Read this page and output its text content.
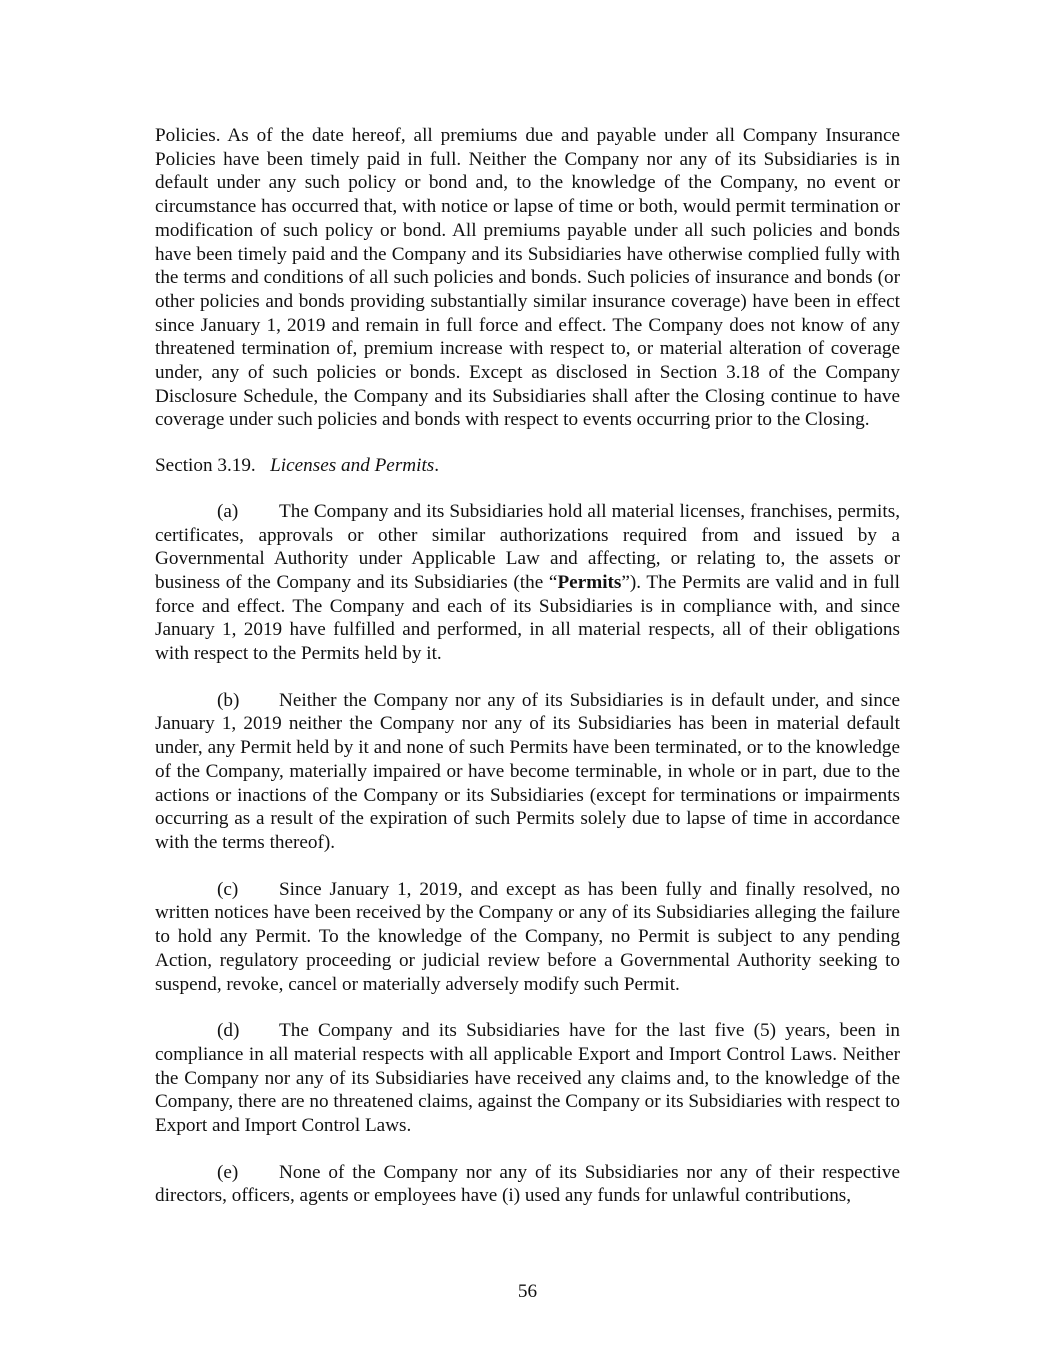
Policies. As of the date hereof, all premiums due and payable under all Company Insurance Policies have been timely paid in full. Neither the Company nor any of its Subsidiaries is in default under any such policy or bond and, to the knowledge of the Company, no event or circumstance has occurred that, with notice or lapse of time or both, would permit termination or modification of such policy or bond. All premiums payable under all such policies and bonds have been timely paid and the Company and its Subsidiaries have otherwise complied fully with the terms and conditions of all such policies and bonds. Such policies of insurance and bonds (or other policies and bonds providing substantially similar insurance coverage) have been in effect since January 1, 2019 and remain in full force and effect. The Company does not know of any threatened termination of, premium increase with respect to, or material alteration of coverage under, any of such policies or bonds. Except as disclosed in Section 3.18 of the Company Disclosure Schedule, the Company and its Subsidiaries shall after the Closing continue to have coverage under such policies and bonds with respect to events occurring prior to the Closing.

Section 3.19. Licenses and Permits.

(a) The Company and its Subsidiaries hold all material licenses, franchises, permits, certificates, approvals or other similar authorizations required from and issued by a Governmental Authority under Applicable Law and affecting, or relating to, the assets or business of the Company and its Subsidiaries (the “Permits”). The Permits are valid and in full force and effect. The Company and each of its Subsidiaries is in compliance with, and since January 1, 2019 have fulfilled and performed, in all material respects, all of their obligations with respect to the Permits held by it.

(b) Neither the Company nor any of its Subsidiaries is in default under, and since January 1, 2019 neither the Company nor any of its Subsidiaries has been in material default under, any Permit held by it and none of such Permits have been terminated, or to the knowledge of the Company, materially impaired or have become terminable, in whole or in part, due to the actions or inactions of the Company or its Subsidiaries (except for terminations or impairments occurring as a result of the expiration of such Permits solely due to lapse of time in accordance with the terms thereof).

(c) Since January 1, 2019, and except as has been fully and finally resolved, no written notices have been received by the Company or any of its Subsidiaries alleging the failure to hold any Permit. To the knowledge of the Company, no Permit is subject to any pending Action, regulatory proceeding or judicial review before a Governmental Authority seeking to suspend, revoke, cancel or materially adversely modify such Permit.

(d) The Company and its Subsidiaries have for the last five (5) years, been in compliance in all material respects with all applicable Export and Import Control Laws. Neither the Company nor any of its Subsidiaries have received any claims and, to the knowledge of the Company, there are no threatened claims, against the Company or its Subsidiaries with respect to Export and Import Control Laws.

(e) None of the Company nor any of its Subsidiaries nor any of their respective directors, officers, agents or employees have (i) used any funds for unlawful contributions,

56
